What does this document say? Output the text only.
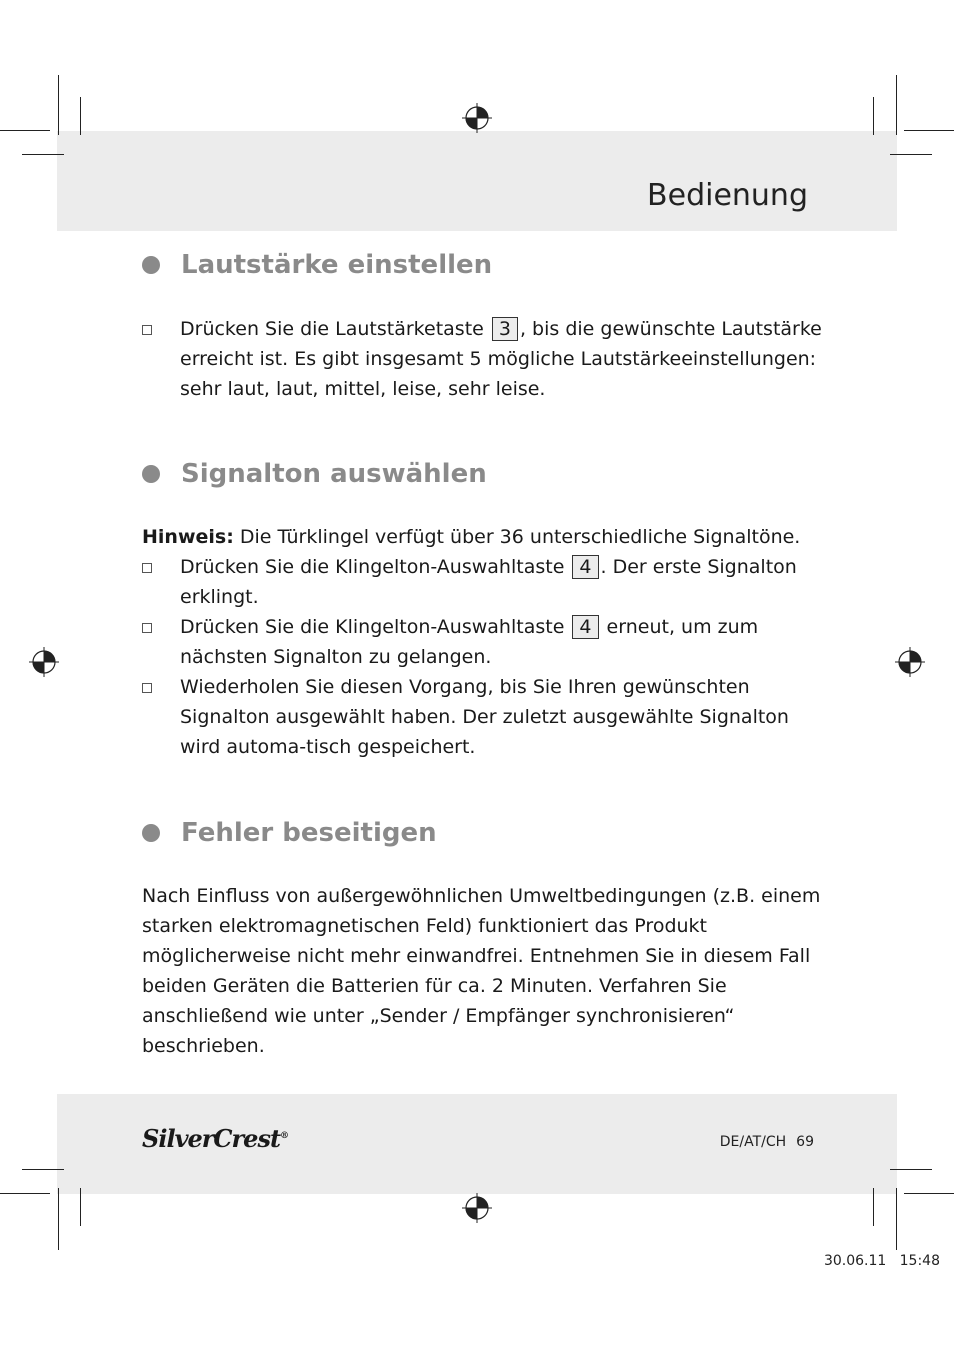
Bedienung
Lautstärke einstellen
Drücken Sie die Lautstärketaste 3 , bis die gewünschte Lautstärke erreicht ist. Es gibt insgesamt 5 mögliche Lautstärkeeinstellungen: sehr laut, laut, mittel, leise, sehr leise.
Signalton auswählen

Hinweis: Die Türklingel verfügt über 36 unterschiedliche Signaltöne.

Drücken Sie die Klingelton-Auswahltaste 4 . Der erste Signalton erklingt.
Drücken Sie die Klingelton-Auswahltaste 4 erneut, um zum nächsten Signalton zu gelangen.
Wiederholen Sie diesen Vorgang, bis Sie Ihren gewünschten Signalton ausgewählt haben. Der zuletzt ausgewählte Signalton wird automa-tisch gespeichert.
Fehler beseitigen

Nach Einfluss von außergewöhnlichen Umweltbedingungen (z.B. einem starken elektromagnetischen Feld) funktioniert das Produkt möglicherweise nicht mehr einwandfrei. Entnehmen Sie in diesem Fall beiden Geräten die Batterien für ca. 2 Minuten. Verfahren Sie anschließend wie unter „Sender / Empfänger synchronisieren“ beschrieben.

SilverCrest®	DE/AT/CH 69
30.06.11 15:48
